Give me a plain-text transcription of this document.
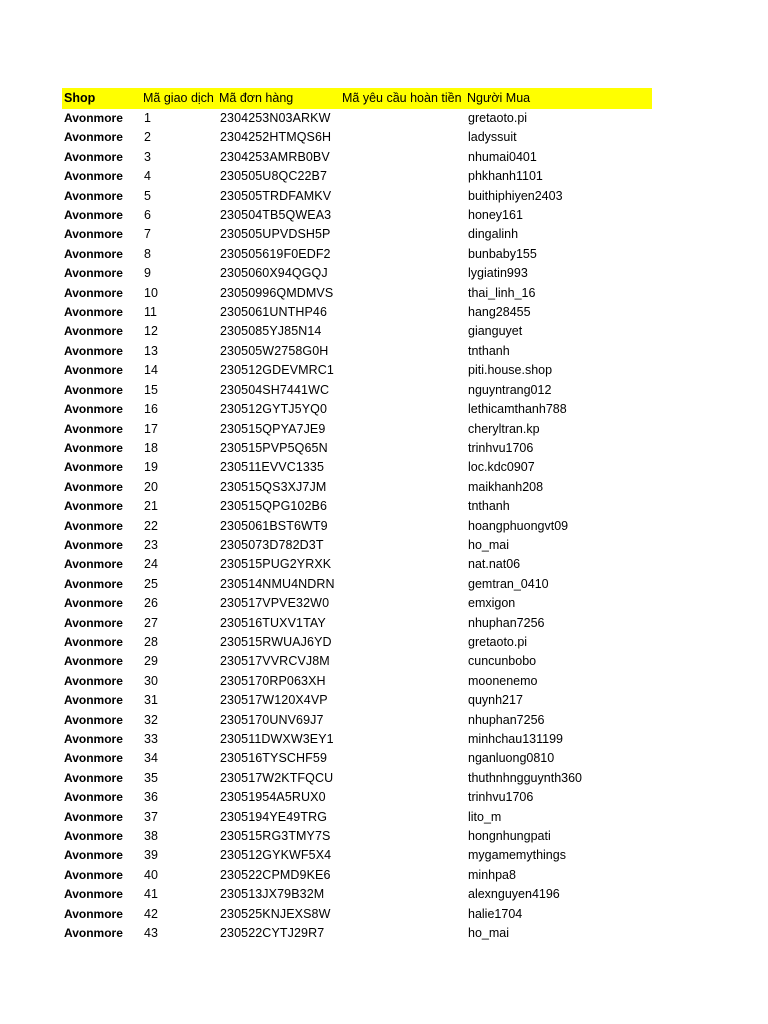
Shop	Mã giao dịch	Mã đơn hàng	Mã yêu cầu hoàn tiền	Người Mua
Avonmore	1	2304253N03ARKW		gretaoto.pi
Avonmore	2	2304252HTMQS6H		ladyssuit
Avonmore	3	2304253AMRB0BV		nhumai0401
Avonmore	4	230505U8QC22B7		phkhanh1101
Avonmore	5	230505TRDFAMKV		buithiphiyen2403
Avonmore	6	230504TB5QWEA3		honey161
Avonmore	7	230505UPVDSH5P		dingalinh
Avonmore	8	230505619F0EDF2		bunbaby155
Avonmore	9	2305060X94QGQJ		lygiatin993
Avonmore	10	23050996QMDMVS		thai_linh_16
Avonmore	11	2305061UNTHP46		hang28455
Avonmore	12	2305085YJ85N14		gianguyet
Avonmore	13	230505W2758G0H		tnthanh
Avonmore	14	230512GDEVMRC1		piti.house.shop
Avonmore	15	230504SH7441WC		nguyntrang012
Avonmore	16	230512GYTJ5YQ0		lethicamthanh788
Avonmore	17	230515QPYA7JE9		cheryltran.kp
Avonmore	18	230515PVP5Q65N		trinhvu1706
Avonmore	19	230511EVVC1335		loc.kdc0907
Avonmore	20	230515QS3XJ7JM		maikhanh208
Avonmore	21	230515QPG102B6		tnthanh
Avonmore	22	2305061BST6WT9		hoangphuongvt09
Avonmore	23	2305073D782D3T		ho_mai
Avonmore	24	230515PUG2YRXK		nat.nat06
Avonmore	25	230514NMU4NDRN		gemtran_0410
Avonmore	26	230517VPVE32W0		emxigon
Avonmore	27	230516TUXV1TAY		nhuphan7256
Avonmore	28	230515RWUAJ6YD		gretaoto.pi
Avonmore	29	230517VVRCVJ8M		cuncunbobo
Avonmore	30	2305170RP063XH		moonenemo
Avonmore	31	230517W120X4VP		quynh217
Avonmore	32	2305170UNV69J7		nhuphan7256
Avonmore	33	230511DWXW3EY1		minhchau131199
Avonmore	34	230516TYSCHF59		nganluong0810
Avonmore	35	230517W2KTFQCU		thuthnhngguynth360
Avonmore	36	23051954A5RUX0		trinhvu1706
Avonmore	37	2305194YE49TRG		lito_m
Avonmore	38	230515RG3TMY7S		hongnhungpati
Avonmore	39	230512GYKWF5X4		mygamemythings
Avonmore	40	230522CPMD9KE6		minhpa8
Avonmore	41	230513JX79B32M		alexnguyen4196
Avonmore	42	230525KNJEXS8W		halie1704
Avonmore	43	230522CYTJ29R7		ho_mai
